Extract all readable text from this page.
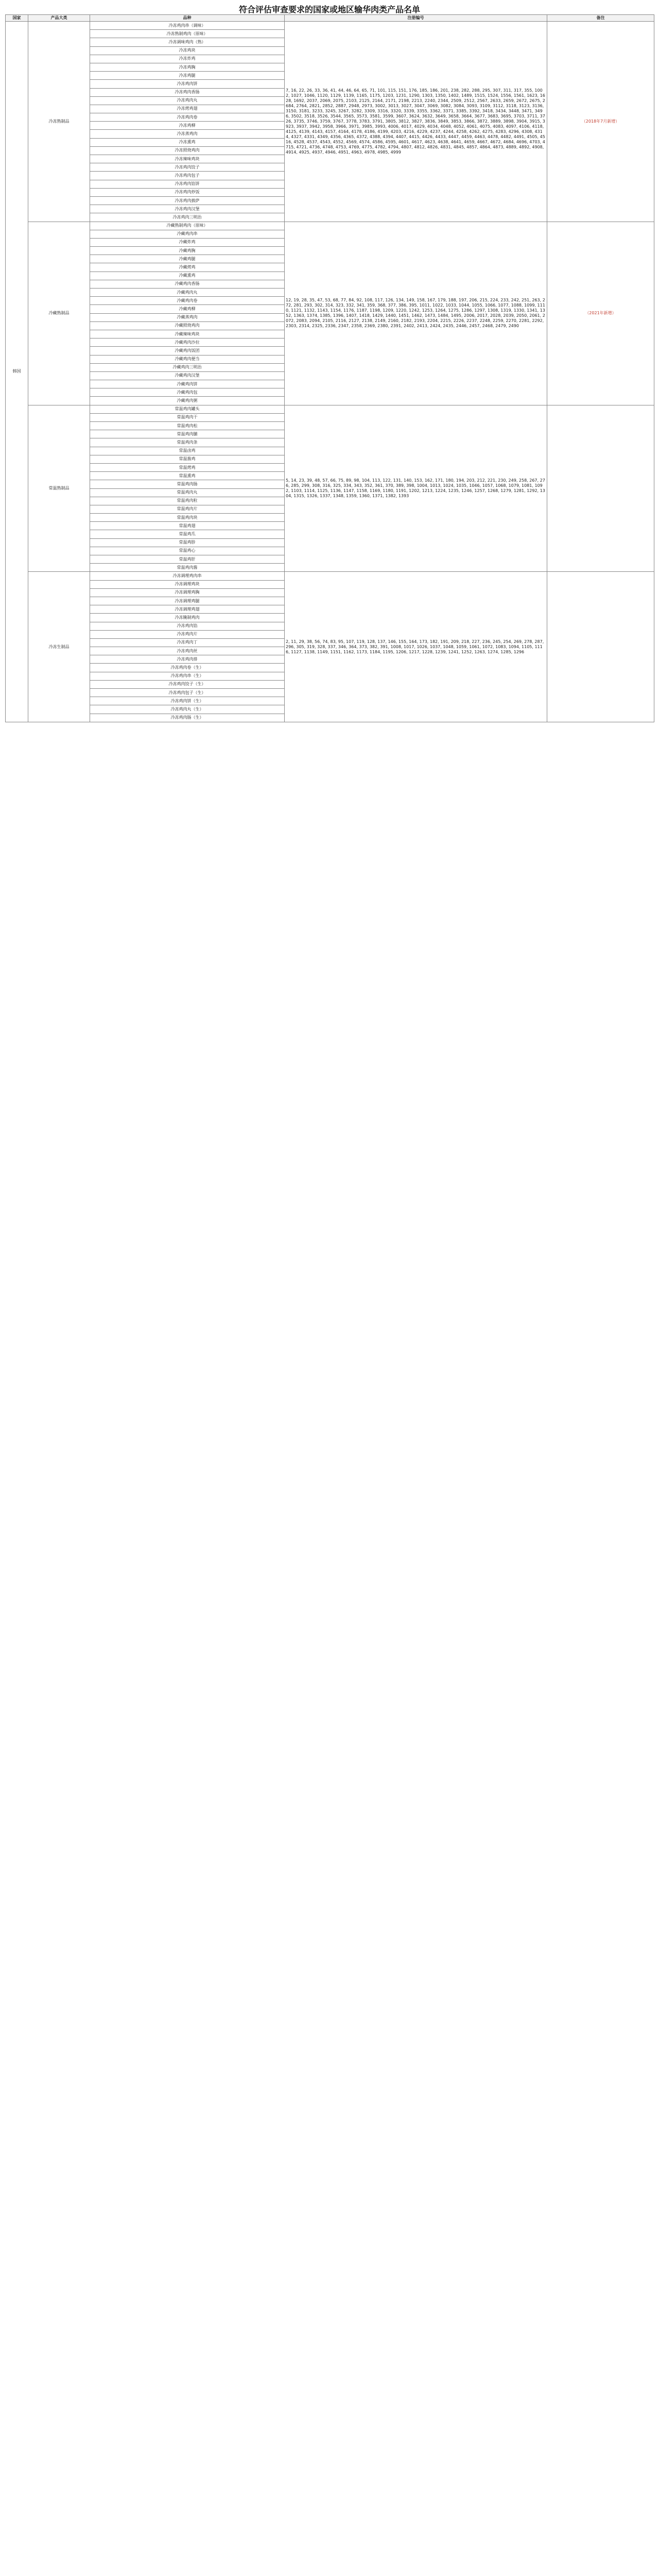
符合评估审查要求的国家或地区输华肉类产品名单
国家	产品大类	品种	注册编号	备注
韩国	冷冻熟制品	冷冻鸡肉串（调味）	7, 16, 22, 26, 33, 36, 41, 44, 46, 64, 65, 71, 101, 115, 151, 176, 185, 186, 201, 238, 282, 288, 295, 307, 311, 317, 355, 1002, 1027, 1046, 1120, 1129, 1139, 1165, 1175, 1203, 1231, 1290, 1303, 1350, 1402, 1489, 1515, 1524, 1556, 1561, 1623, 1628, 1692, 2037, 2069, 2075, 2103, 2125, 2164, 2171, 2198, 2213, 2240, 2344, 2509, 2512, 2567, 2633, 2659, 2672, 2675, 2684, 2764, 2821, 2852, 2887, 2948, 2973, 3002, 3013, 3027, 3047, 3069, 3082, 3084, 3093, 3109, 3112, 3118, 3123, 3136, 3150, 3181, 3233, 3245, 3267, 3282, 3309, 3316, 3320, 3339, 3355, 3362, 3371, 3385, 3392, 3418, 3434, 3448, 3471, 3496, 3502, 3518, 3526, 3544, 3565, 3573, 3581, 3599, 3607, 3624, 3632, 3649, 3658, 3664, 3677, 3683, 3695, 3703, 3711, 3726, 3735, 3746, 3759, 3767, 3778, 3783, 3791, 3805, 3812, 3827, 3836, 3849, 3853, 3866, 3872, 3889, 3898, 3904, 3915, 3923, 3937, 3942, 3958, 3966, 3971, 3985, 3993, 4006, 4017, 4029, 4034, 4048, 4052, 4061, 4075, 4083, 4097, 4106, 4118, 4125, 4139, 4143, 4157, 4164, 4178, 4186, 4199, 4203, 4216, 4229, 4237, 4244, 4258, 4262, 4275, 4283, 4296, 4308, 4314, 4327, 4331, 4349, 4356, 4365, 4372, 4388, 4394, 4407, 4415, 4426, 4433, 4447, 4459, 4463, 4478, 4482, 4491, 4505, 4516, 4528, 4537, 4543, 4552, 4569, 4574, 4586, 4595, 4601, 4617, 4623, 4638, 4641, 4659, 4667, 4672, 4684, 4696, 4703, 4715, 4721, 4736, 4748, 4753, 4769, 4775, 4782, 4794, 4807, 4812, 4826, 4831, 4845, 4857, 4864, 4873, 4889, 4892, 4908, 4914, 4925, 4937, 4946, 4951, 4963, 4978, 4985, 4999	（2018年7月新增）
		冷冻熟制鸡肉（原味）		
		冷冻调味鸡肉（熟）		
		冷冻鸡块		
		冷冻炸鸡		
		冷冻鸡胸		
		冷冻鸡腿		
		冷冻鸡肉饼		
		冷冻鸡肉香肠		
		冷冻鸡肉丸		
		冷冻烤鸡翅		
		冷冻鸡肉卷		
		冷冻鸡柳		
		冷冻蒸鸡肉		
		冷冻熏鸡		
		冷冻照烧鸡肉		
		冷冻辣味鸡块		
		冷冻鸡肉饺子		
		冷冻鸡肉包子		
		冷冻鸡肉馅饼		
		冷冻鸡肉炒饭		
		冷冻鸡肉披萨		
		冷冻鸡肉汉堡		
		冷冻鸡肉三明治		
	冷藏熟制品	冷藏熟制鸡肉（原味）	12, 19, 28, 35, 47, 53, 68, 77, 84, 92, 108, 117, 126, 134, 149, 158, 167, 179, 188, 197, 206, 215, 224, 233, 242, 251, 263, 272, 281, 293, 302, 314, 323, 332, 341, 359, 368, 377, 386, 395, 1011, 1022, 1033, 1044, 1055, 1066, 1077, 1088, 1099, 1110, 1121, 1132, 1143, 1154, 1176, 1187, 1198, 1209, 1220, 1242, 1253, 1264, 1275, 1286, 1297, 1308, 1319, 1330, 1341, 1352, 1363, 1374, 1385, 1396, 1407, 1418, 1429, 1440, 1451, 1462, 1473, 1484, 1495, 2006, 2017, 2028, 2039, 2050, 2061, 2072, 2083, 2094, 2105, 2116, 2127, 2138, 2149, 2160, 2182, 2193, 2204, 2215, 2226, 2237, 2248, 2259, 2270, 2281, 2292, 2303, 2314, 2325, 2336, 2347, 2358, 2369, 2380, 2391, 2402, 2413, 2424, 2435, 2446, 2457, 2468, 2479, 2490	（2021年新增）
		冷藏鸡肉串		
		冷藏炸鸡		
		冷藏鸡胸		
		冷藏鸡腿		
		冷藏烤鸡		
		冷藏熏鸡		
		冷藏鸡肉香肠		
		冷藏鸡肉丸		
		冷藏鸡肉卷		
		冷藏鸡柳		
		冷藏蒸鸡肉		
		冷藏照烧鸡肉		
		冷藏辣味鸡块		
		冷藏鸡肉沙拉		
		冷藏鸡肉饭团		
		冷藏鸡肉便当		
		冷藏鸡肉三明治		
		冷藏鸡肉汉堡		
		冷藏鸡肉饼		
		冷藏鸡肉包		
		冷藏鸡肉粥		
	常温熟制品	常温鸡肉罐头	5, 14, 23, 39, 48, 57, 66, 75, 89, 98, 104, 113, 122, 131, 140, 153, 162, 171, 180, 194, 203, 212, 221, 230, 249, 258, 267, 276, 285, 299, 308, 316, 325, 334, 343, 352, 361, 370, 389, 398, 1004, 1013, 1024, 1035, 1046, 1057, 1068, 1079, 1081, 1092, 1103, 1114, 1125, 1136, 1147, 1158, 1169, 1180, 1191, 1202, 1213, 1224, 1235, 1246, 1257, 1268, 1279, 1281, 1292, 1304, 1315, 1326, 1337, 1348, 1359, 1360, 1371, 1382, 1393	
		常温鸡肉干		
		常温鸡肉松		
		常温鸡肉脯		
		常温鸡肉条		
		常温卤鸡		
		常温酱鸡		
		常温烤鸡		
		常温熏鸡		
		常温鸡肉肠		
		常温鸡肉丸		
		常温鸡肉粒		
		常温鸡肉片		
		常温鸡肉块		
		常温鸡翅		
		常温鸡爪		
		常温鸡胗		
		常温鸡心		
		常温鸡肝		
		常温鸡肉酱		
	冷冻生制品	冷冻调理鸡肉串	2, 11, 29, 38, 56, 74, 83, 95, 107, 119, 128, 137, 146, 155, 164, 173, 182, 191, 209, 218, 227, 236, 245, 254, 269, 278, 287, 296, 305, 319, 328, 337, 346, 364, 373, 382, 391, 1008, 1017, 1026, 1037, 1048, 1059, 1061, 1072, 1083, 1094, 1105, 1116, 1127, 1138, 1149, 1151, 1162, 1173, 1184, 1195, 1206, 1217, 1228, 1239, 1241, 1252, 1263, 1274, 1285, 1296	
		冷冻调理鸡块		
		冷冻调理鸡胸		
		冷冻调理鸡腿		
		冷冻调理鸡翅		
		冷冻腌制鸡肉		
		冷冻鸡肉馅		
		冷冻鸡肉片		
		冷冻鸡肉丁		
		冷冻鸡肉丝		
		冷冻鸡肉排		
		冷冻鸡肉卷（生）		
		冷冻鸡肉串（生）		
		冷冻鸡肉饺子（生）		
		冷冻鸡肉包子（生）		
		冷冻鸡肉饼（生）		
		冷冻鸡肉丸（生）		
		冷冻鸡肉肠（生）		
